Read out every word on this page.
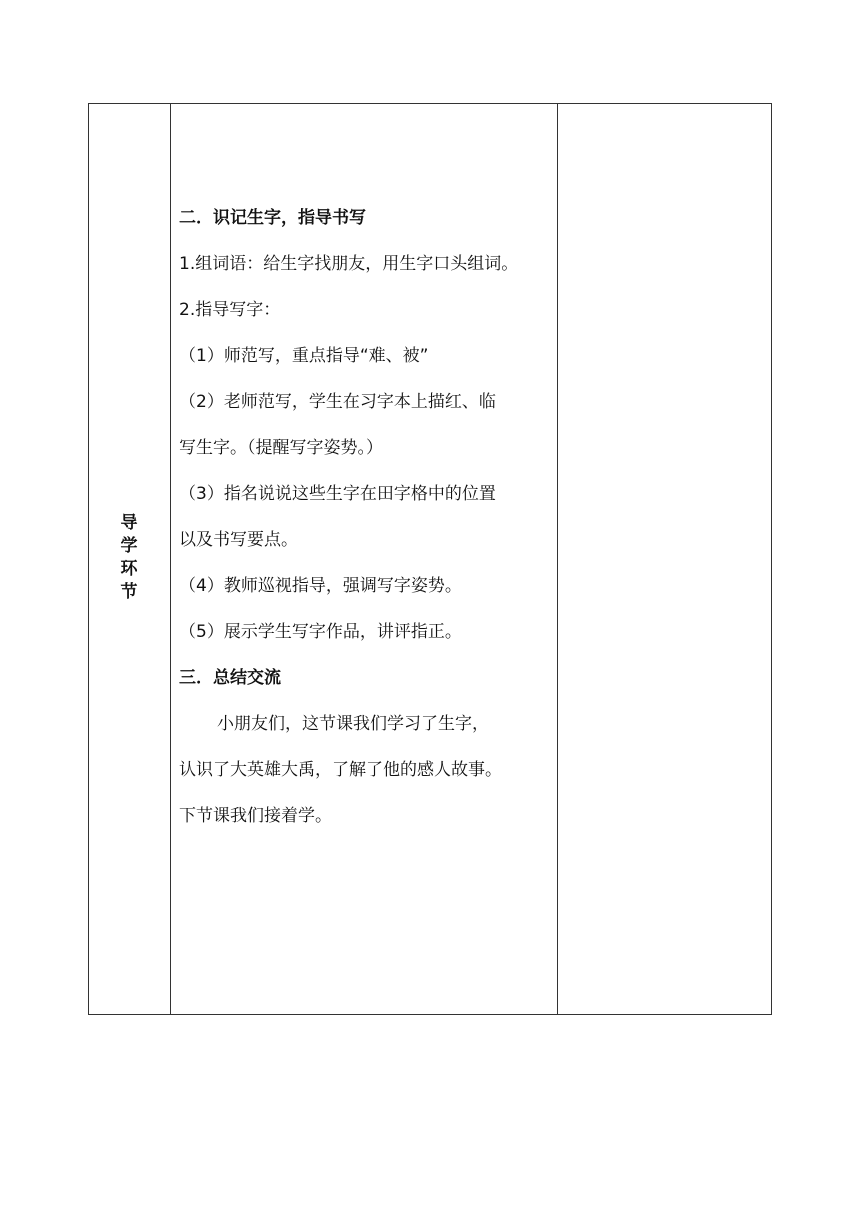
导学环节

二．识记生字，指导书写

1.组词语：给生字找朋友，用生字口头组词。

2.指导写字：

（1）师范写，重点指导“难、被”

（2）老师范写，学生在习字本上描红、临

写生字。（提醒写字姿势。）

（3）指名说说这些生字在田字格中的位置

以及书写要点。

（4）教师巡视指导，强调写字姿势。

（5）展示学生写字作品，讲评指正。

三．总结交流

小朋友们，这节课我们学习了生字，

认识了大英雄大禹，了解了他的感人故事。

下节课我们接着学。
